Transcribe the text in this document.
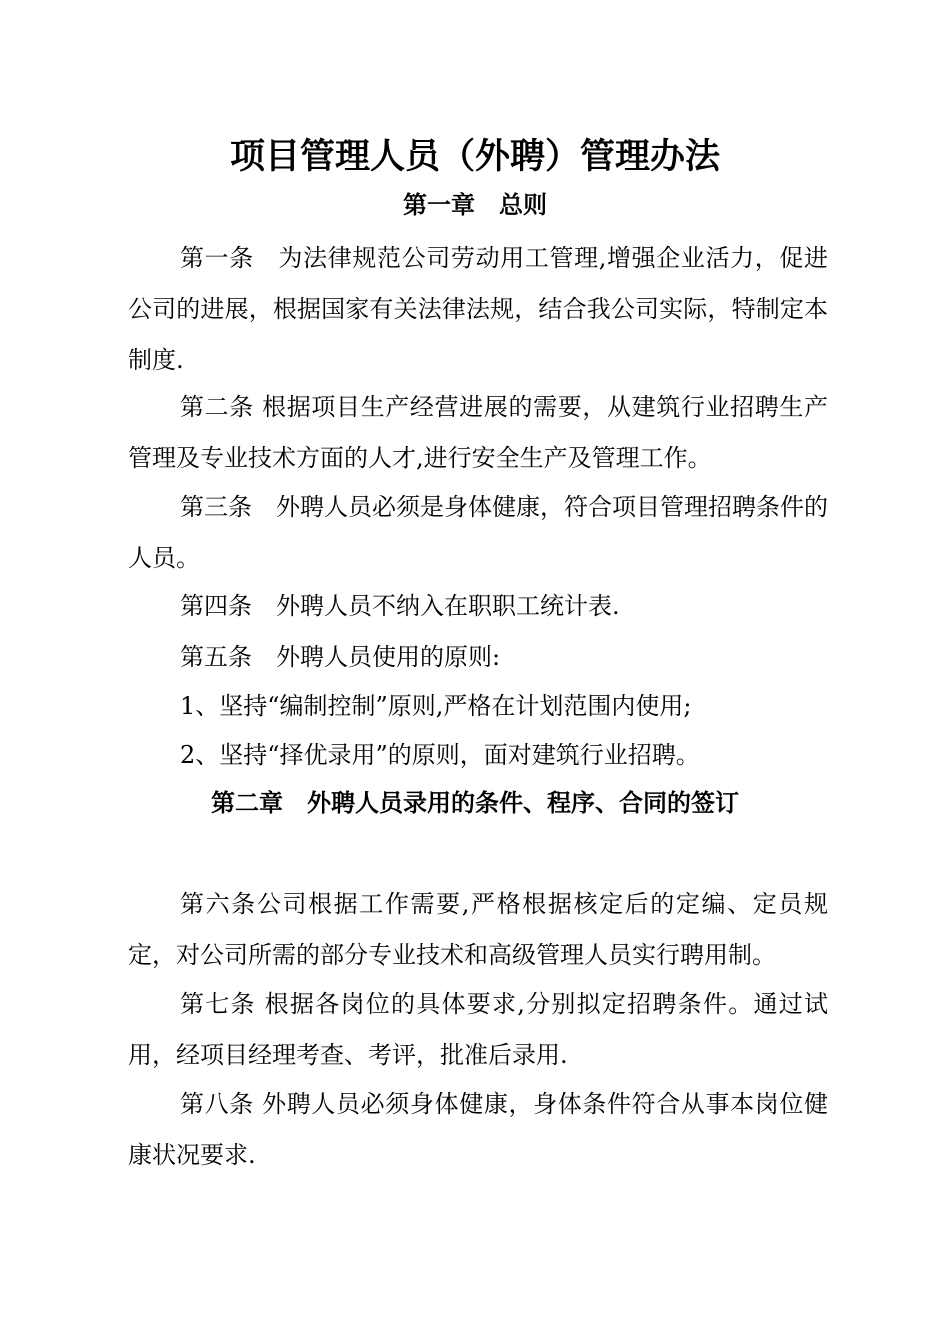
项目管理人员（外聘）管理办法
第一章　总则
第一条　为法律规范公司劳动用工管理,增强企业活力，促进公司的进展，根据国家有关法律法规，结合我公司实际，特制定本制度.
第二条 根据项目生产经营进展的需要，从建筑行业招聘生产管理及专业技术方面的人才,进行安全生产及管理工作。
第三条　外聘人员必须是身体健康，符合项目管理招聘条件的人员。
第四条　外聘人员不纳入在职职工统计表.
第五条　外聘人员使用的原则:
1、坚持“编制控制”原则,严格在计划范围内使用;
2、坚持“择优录用”的原则，面对建筑行业招聘。
第二章　外聘人员录用的条件、程序、合同的签订
第六条公司根据工作需要,严格根据核定后的定编、定员规定，对公司所需的部分专业技术和高级管理人员实行聘用制。
第七条 根据各岗位的具体要求,分别拟定招聘条件。通过试用，经项目经理考查、考评，批准后录用.
第八条 外聘人员必须身体健康，身体条件符合从事本岗位健康状况要求.
